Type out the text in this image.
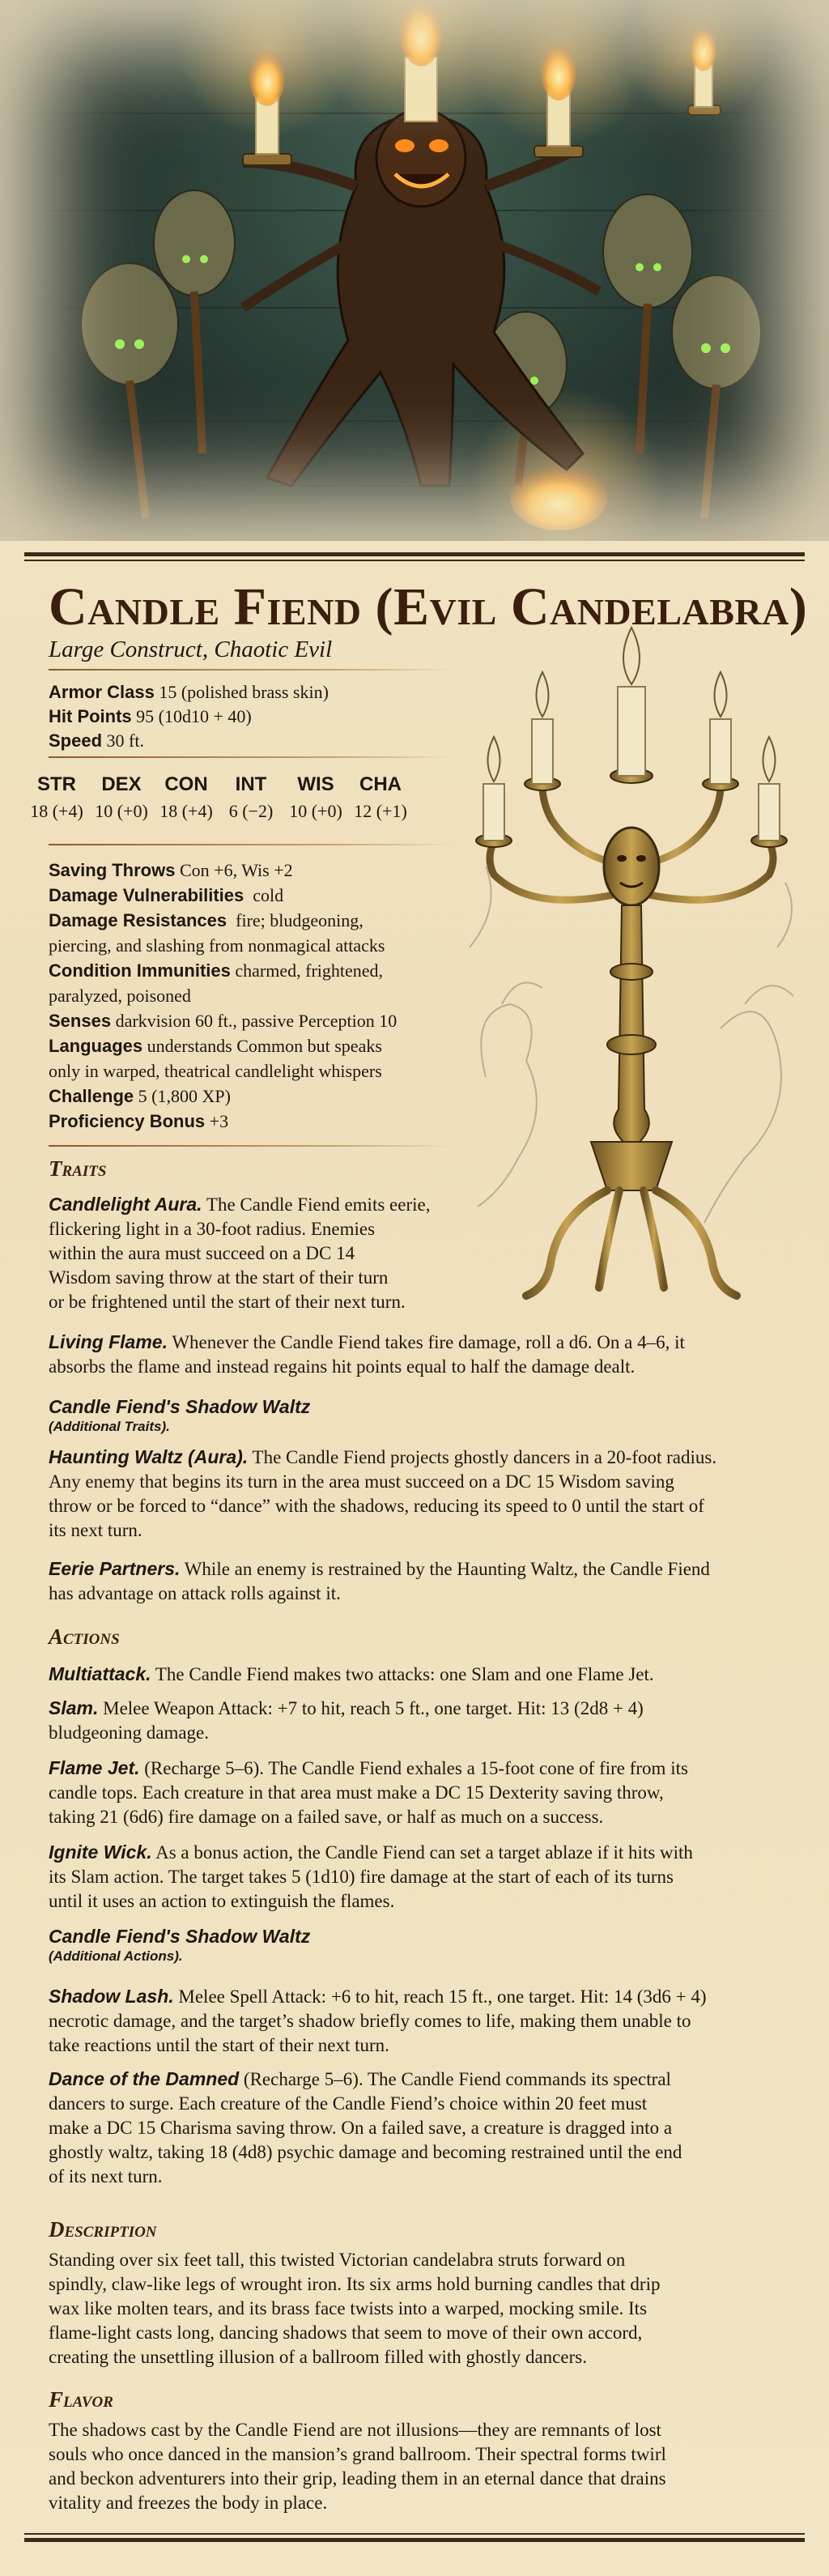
Candle Fiend (Evil Candelabra)
Large Construct, Chaotic Evil
Armor Class 15 (polished brass skin)
Hit Points 95 (10d10 + 40)
Speed 30 ft.
STR
18 (+4)
DEX
10 (+0)
CON
18 (+4)
INT
6 (−2)
WIS
10 (+0)
CHA
12 (+1)
Saving Throws Con +6, Wis +2
Damage Vulnerabilities cold
Damage Resistances fire; bludgeoning,
piercing, and slashing from nonmagical attacks
Condition Immunities charmed, frightened,
paralyzed, poisoned
Senses darkvision 60 ft., passive Perception 10
Languages understands Common but speaks
only in warped, theatrical candlelight whispers
Challenge 5 (1,800 XP)
Proficiency Bonus +3
Traits
Candlelight Aura. The Candle Fiend emits eerie,
flickering light in a 30-foot radius. Enemies
within the aura must succeed on a DC 14
Wisdom saving throw at the start of their turn
or be frightened until the start of their next turn.
Living Flame. Whenever the Candle Fiend takes fire damage, roll a d6. On a 4–6, it
absorbs the flame and instead regains hit points equal to half the damage dealt.
Candle Fiend's Shadow Waltz
(Additional Traits).
Haunting Waltz (Aura). The Candle Fiend projects ghostly dancers in a 20-foot radius.
Any enemy that begins its turn in the area must succeed on a DC 15 Wisdom saving
throw or be forced to “dance” with the shadows, reducing its speed to 0 until the start of
its next turn.
Eerie Partners. While an enemy is restrained by the Haunting Waltz, the Candle Fiend
has advantage on attack rolls against it.
Actions
Multiattack. The Candle Fiend makes two attacks: one Slam and one Flame Jet.
Slam. Melee Weapon Attack: +7 to hit, reach 5 ft., one target. Hit: 13 (2d8 + 4)
bludgeoning damage.
Flame Jet. (Recharge 5–6). The Candle Fiend exhales a 15-foot cone of fire from its
candle tops. Each creature in that area must make a DC 15 Dexterity saving throw,
taking 21 (6d6) fire damage on a failed save, or half as much on a success.
Ignite Wick. As a bonus action, the Candle Fiend can set a target ablaze if it hits with
its Slam action. The target takes 5 (1d10) fire damage at the start of each of its turns
until it uses an action to extinguish the flames.
Candle Fiend's Shadow Waltz
(Additional Actions).
Shadow Lash. Melee Spell Attack: +6 to hit, reach 15 ft., one target. Hit: 14 (3d6 + 4)
necrotic damage, and the target’s shadow briefly comes to life, making them unable to
take reactions until the start of their next turn.
Dance of the Damned (Recharge 5–6). The Candle Fiend commands its spectral
dancers to surge. Each creature of the Candle Fiend’s choice within 20 feet must
make a DC 15 Charisma saving throw. On a failed save, a creature is dragged into a
ghostly waltz, taking 18 (4d8) psychic damage and becoming restrained until the end
of its next turn.
Description
Standing over six feet tall, this twisted Victorian candelabra struts forward on
spindly, claw-like legs of wrought iron. Its six arms hold burning candles that drip
wax like molten tears, and its brass face twists into a warped, mocking smile. Its
flame-light casts long, dancing shadows that seem to move of their own accord,
creating the unsettling illusion of a ballroom filled with ghostly dancers.
Flavor
The shadows cast by the Candle Fiend are not illusions—they are remnants of lost
souls who once danced in the mansion’s grand ballroom. Their spectral forms twirl
and beckon adventurers into their grip, leading them in an eternal dance that drains
vitality and freezes the body in place.
